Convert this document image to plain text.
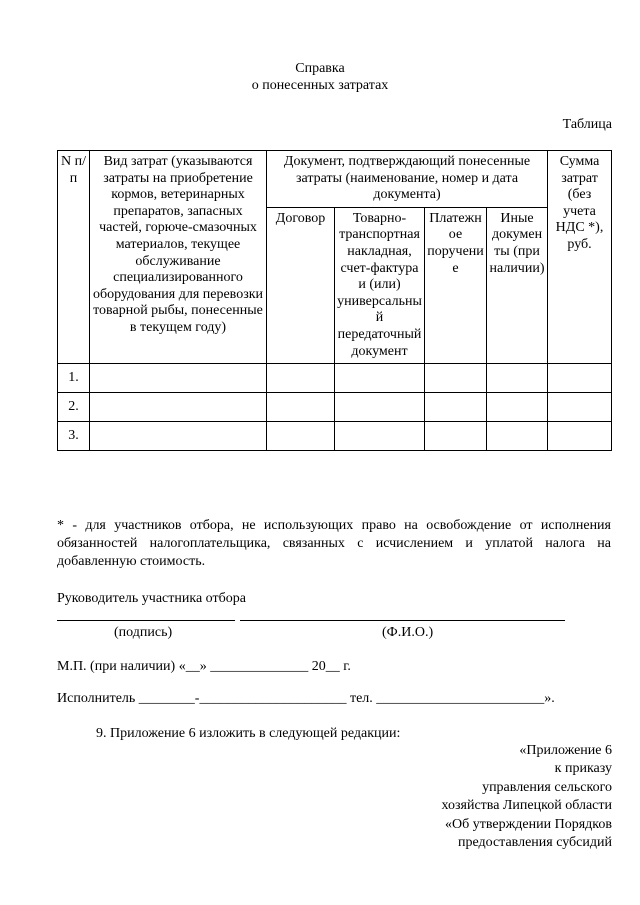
Справка
о понесенных затратах
Таблица
N п/п	Вид затрат (указываются затраты на приобретение кормов, ветеринарных препаратов, запасных частей, горюче-смазочных материалов, текущее обслуживание специализированного оборудования для перевозки товарной рыбы, понесенные в текущем году)	Документ, подтверждающий понесенные затраты (наименование, номер и дата документа)				Сумма затрат (без учета НДС *), руб.
		Договор	Товарно-транспортная накладная, счет-фактура и (или) универсальный передаточный документ	Платежное поручение	Иные документы (при наличии)	
1.						
2.						
3.						
* - для участников отбора, не использующих право на освобождение от исполнения обязанностей налогоплательщика, связанных с исчислением и уплатой налога на добавленную стоимость.
Руководитель участника отбора
(подпись)	(Ф.И.О.)
М.П. (при наличии) «__» ______________ 20__ г.
Исполнитель ________-_____________________ тел. ________________________».
9. Приложение 6 изложить в следующей редакции:
«Приложение 6
к приказу
управления сельского
хозяйства Липецкой области
«Об утверждении Порядков
предоставления субсидий
